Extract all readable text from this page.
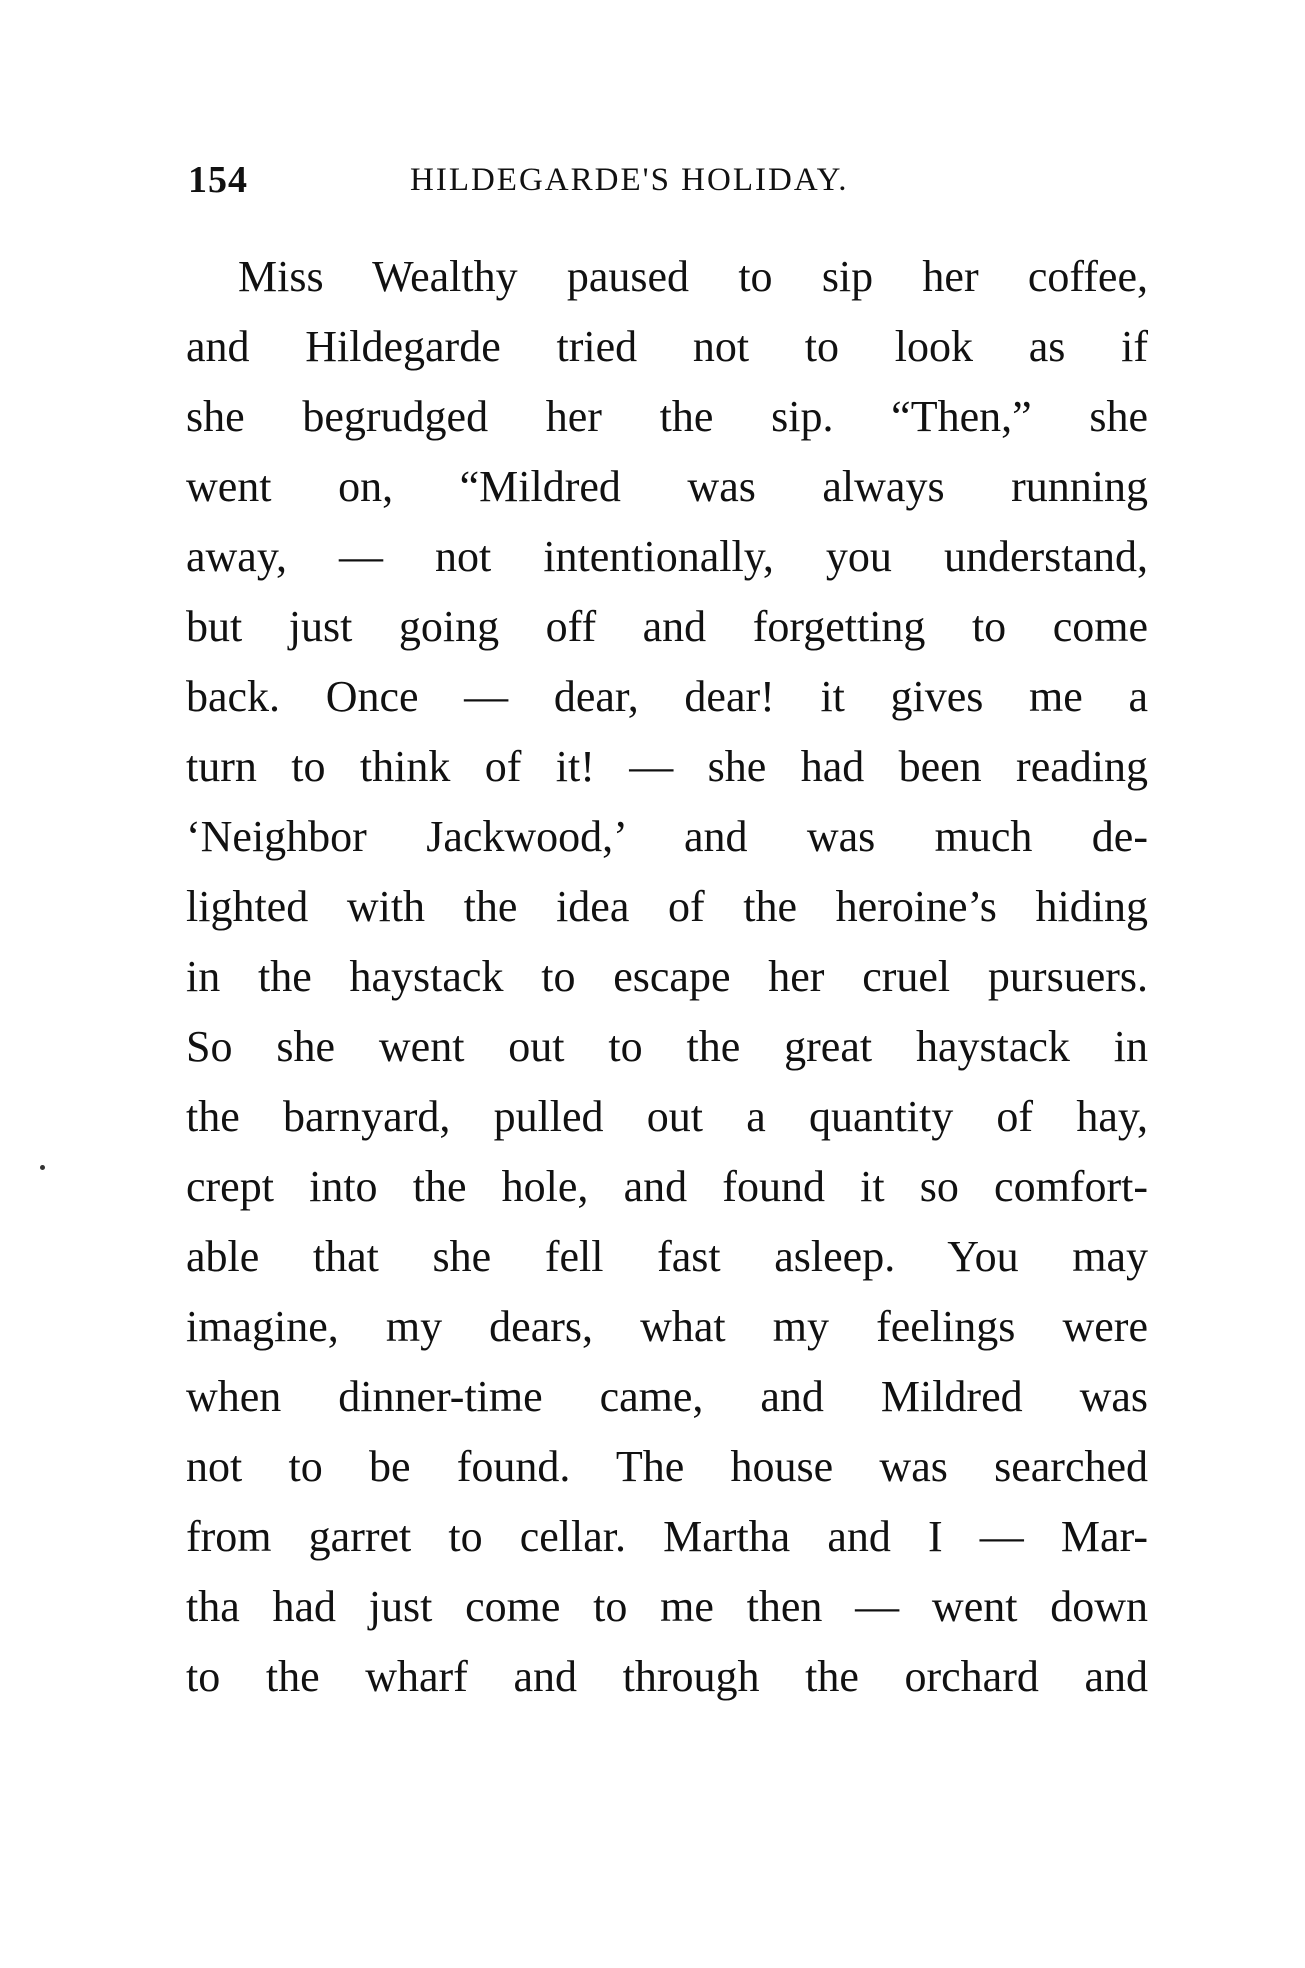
154	HILDEGARDE'S HOLIDAY.
Miss Wealthy paused to sip her coffee,
and Hildegarde tried not to look as if
she begrudged her the sip. “Then,” she
went on, “Mildred was always running
away, — not intentionally, you understand,
but just going off and forgetting to come
back. Once — dear, dear! it gives me a
turn to think of it! — she had been reading
‘Neighbor Jackwood,’ and was much de-
lighted with the idea of the heroine’s hiding
in the haystack to escape her cruel pursuers.
So she went out to the great haystack in
the barnyard, pulled out a quantity of hay,
crept into the hole, and found it so comfort-
able that she fell fast asleep. You may
imagine, my dears, what my feelings were
when dinner-time came, and Mildred was
not to be found. The house was searched
from garret to cellar. Martha and I — Mar-
tha had just come to me then — went down
to the wharf and through the orchard and
